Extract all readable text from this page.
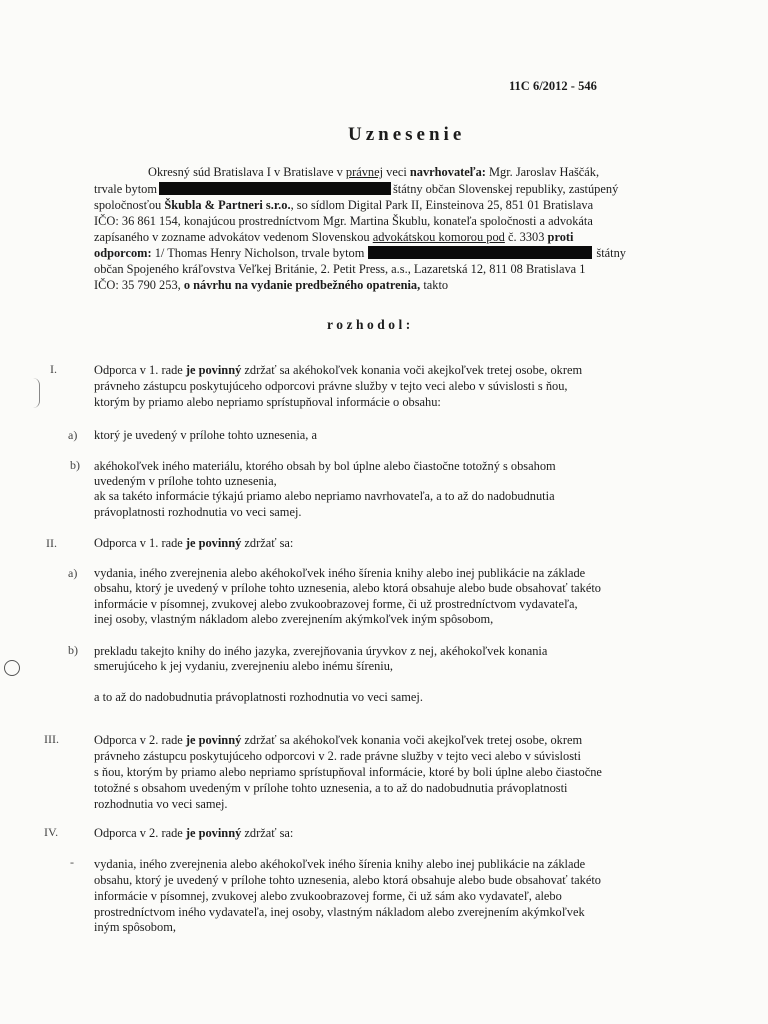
11C 6/2012 - 546
Uznesenie
Okresný súd Bratislava I v Bratislave v právnej veci navrhovateľa: Mgr. Jaroslav Haščák,
trvale bytom	štátny občan Slovenskej republiky, zastúpený
spoločnosťou Škubla & Partneri s.r.o., so sídlom Digital Park II, Einsteinova 25, 851 01 Bratislava
IČO: 36 861 154, konajúcou prostredníctvom Mgr. Martina Škublu, konateľa spoločnosti a advokáta
zapísaného v zozname advokátov vedenom Slovenskou advokátskou komorou pod č. 3303 proti
odporcom: 1/ Thomas Henry Nicholson, trvale bytom	štátny
občan Spojeného kráľovstva Veľkej Británie, 2. Petit Press, a.s., Lazaretská 12, 811 08 Bratislava 1
IČO: 35 790 253, o návrhu na vydanie predbežného opatrenia, takto
rozhodol:
I.	Odporca v 1. rade je povinný zdržať sa akéhokoľvek konania voči akejkoľvek tretej osobe, okrem
právneho zástupcu poskytujúceho odporcovi právne služby v tejto veci alebo v súvislosti s ňou,
ktorým by priamo alebo nepriamo sprístupňoval informácie o obsahu:
a) ktorý je uvedený v prílohe tohto uznesenia, a
b) akéhokoľvek iného materiálu, ktorého obsah by bol úplne alebo čiastočne totožný s obsahom
uvedeným v prílohe tohto uznesenia,
ak sa takéto informácie týkajú priamo alebo nepriamo navrhovateľa, a to až do nadobudnutia
právoplatnosti rozhodnutia vo veci samej.
II.	Odporca v 1. rade je povinný zdržať sa:
a) vydania, iného zverejnenia alebo akéhokoľvek iného šírenia knihy alebo inej publikácie na základe
obsahu, ktorý je uvedený v prílohe tohto uznesenia, alebo ktorá obsahuje alebo bude obsahovať takéto
informácie v písomnej, zvukovej alebo zvukoobrazovej forme, či už prostredníctvom vydavateľa,
inej osoby, vlastným nákladom alebo zverejnením akýmkoľvek iným spôsobom,
b) prekladu takejto knihy do iného jazyka, zverejňovania úryvkov z nej, akéhokoľvek konania
smerujúceho k jej vydaniu, zverejneniu alebo inému šíreniu,
a to až do nadobudnutia právoplatnosti rozhodnutia vo veci samej.
III.	Odporca v 2. rade je povinný zdržať sa akéhokoľvek konania voči akejkoľvek tretej osobe, okrem
právneho zástupcu poskytujúceho odporcovi v 2. rade právne služby v tejto veci alebo v súvislosti
s ňou, ktorým by priamo alebo nepriamo sprístupňoval informácie, ktoré by boli úplne alebo čiastočne
totožné s obsahom uvedeným v prílohe tohto uznesenia, a to až do nadobudnutia právoplatnosti
rozhodnutia vo veci samej.
IV.	Odporca v 2. rade je povinný zdržať sa:
- vydania, iného zverejnenia alebo akéhokoľvek iného šírenia knihy alebo inej publikácie na základe
obsahu, ktorý je uvedený v prílohe tohto uznesenia, alebo ktorá obsahuje alebo bude obsahovať takéto
informácie v písomnej, zvukovej alebo zvukoobrazovej forme, či už sám ako vydavateľ, alebo
prostredníctvom iného vydavateľa, inej osoby, vlastným nákladom alebo zverejnením akýmkoľvek
iným spôsobom,
